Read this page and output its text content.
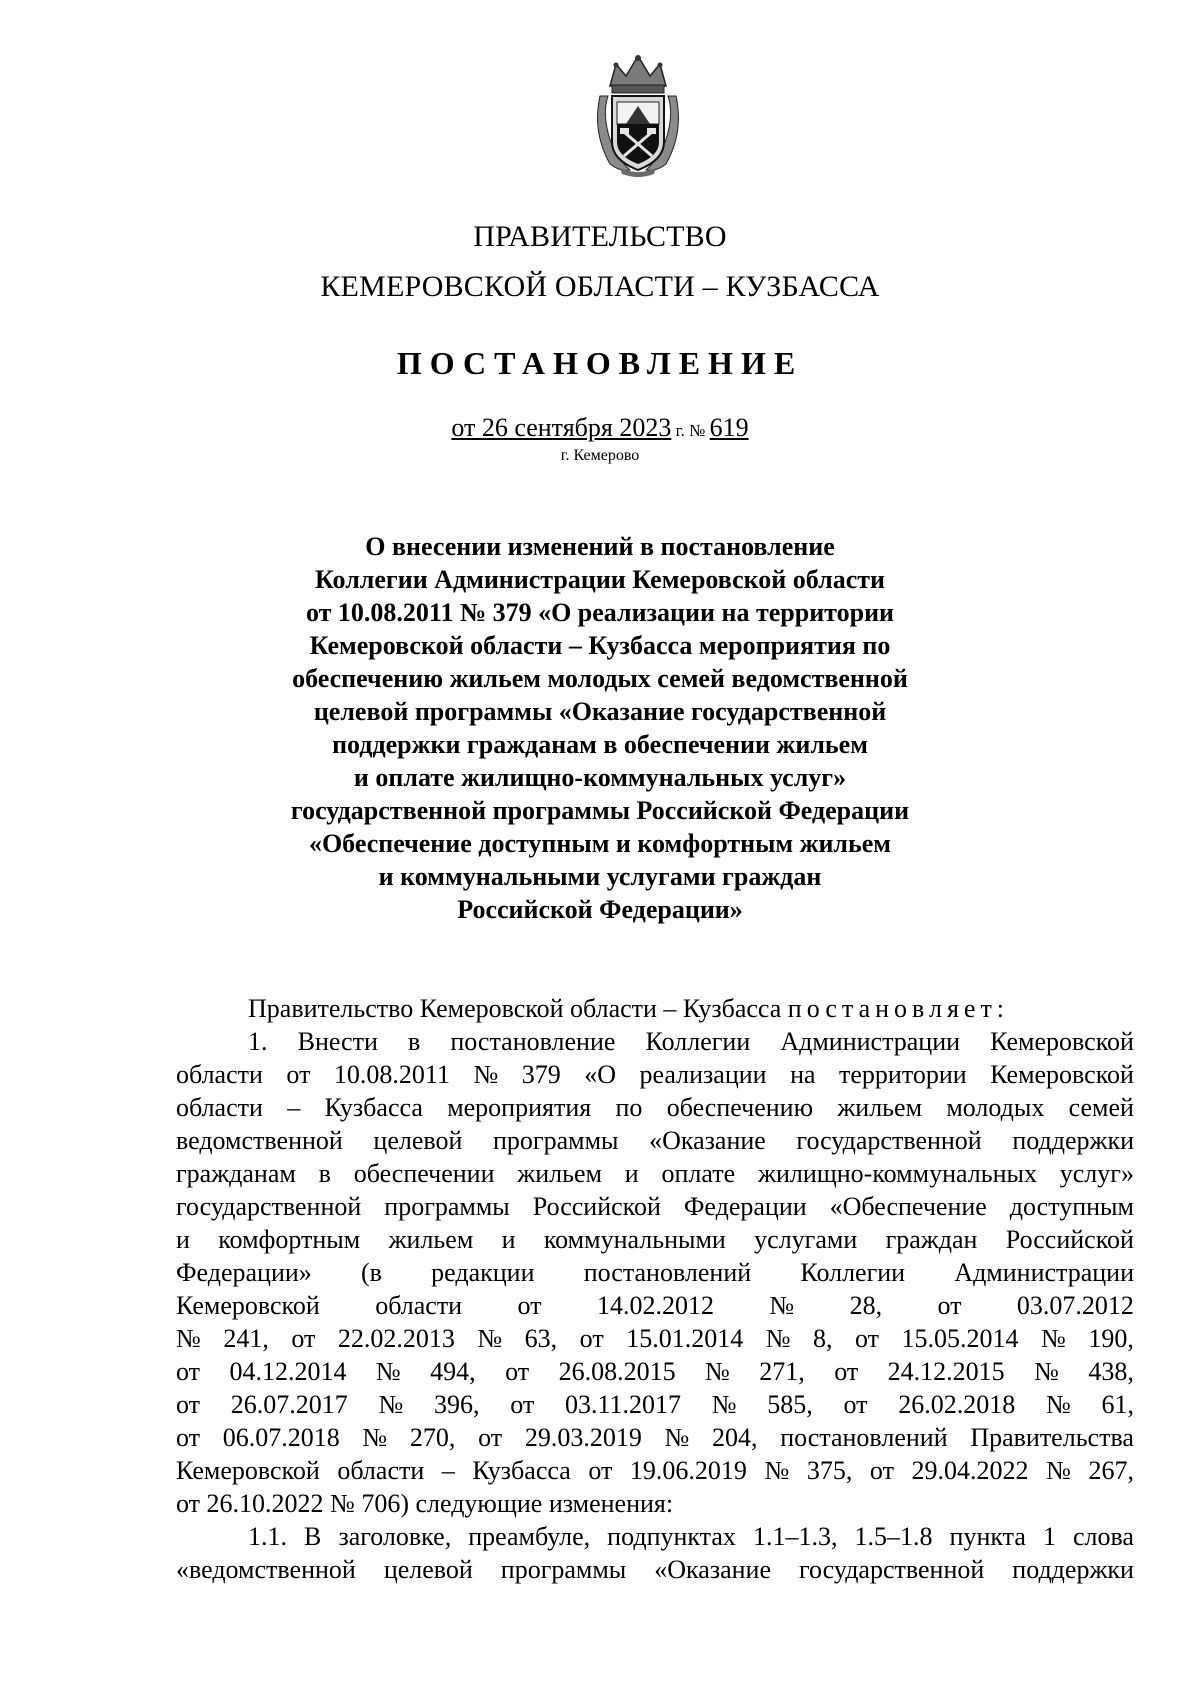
ПРАВИТЕЛЬСТВО
КЕМЕРОВСКОЙ ОБЛАСТИ – КУЗБАССА
ПОСТАНОВЛЕНИЕ
от 26 сентября 2023 г. № 619
г. Кемерово
О внесении изменений в постановление
Коллегии Администрации Кемеровской области
от 10.08.2011 № 379 «О реализации на территории
Кемеровской области – Кузбасса мероприятия по
обеспечению жильем молодых семей ведомственной
целевой программы «Оказание государственной
поддержки гражданам в обеспечении жильем
и оплате жилищно-коммунальных услуг»
государственной программы Российской Федерации
«Обеспечение доступным и комфортным жильем
и коммунальными услугами граждан
Российской Федерации»
Правительство Кемеровской области – Кузбасса постановляет:
1. Внести в постановление Коллегии Администрации Кемеровской
области от 10.08.2011 № 379 «О реализации на территории Кемеровской
области – Кузбасса мероприятия по обеспечению жильем молодых семей
ведомственной целевой программы «Оказание государственной поддержки
гражданам в обеспечении жильем и оплате жилищно-коммунальных услуг»
государственной программы Российской Федерации «Обеспечение доступным
и комфортным жильем и коммунальными услугами граждан Российской
Федерации» (в редакции постановлений Коллегии Администрации
Кемеровской области от 14.02.2012 № 28, от 03.07.2012
№ 241, от 22.02.2013 № 63, от 15.01.2014 № 8, от 15.05.2014 № 190,
от 04.12.2014 № 494, от 26.08.2015 № 271, от 24.12.2015 № 438,
от 26.07.2017 № 396, от 03.11.2017 № 585, от 26.02.2018 № 61,
от 06.07.2018 № 270, от 29.03.2019 № 204, постановлений Правительства
Кемеровской области – Кузбасса от 19.06.2019 № 375, от 29.04.2022 № 267,
от 26.10.2022 № 706) следующие изменения:
1.1. В заголовке, преамбуле, подпунктах 1.1–1.3, 1.5–1.8 пункта 1 слова
«ведомственной целевой программы «Оказание государственной поддержки
